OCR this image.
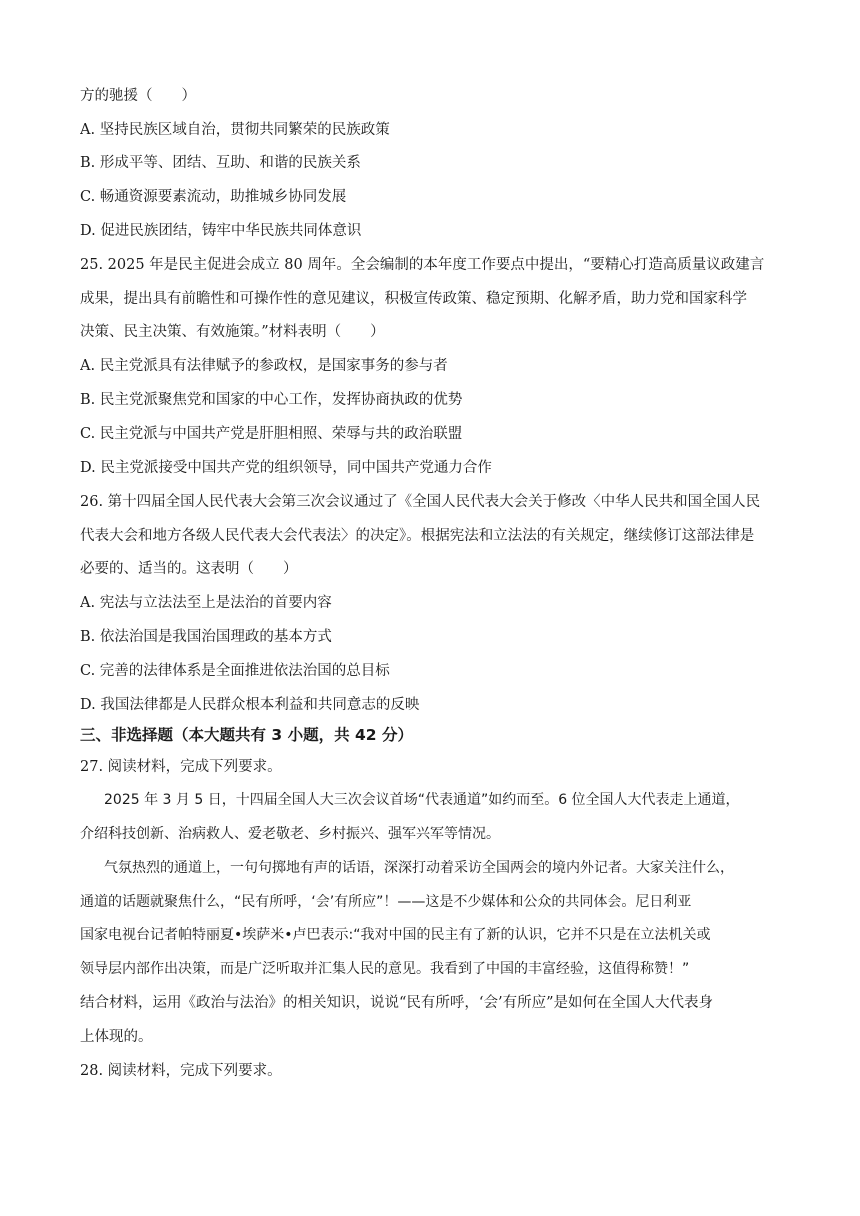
方的驰援（　　）
A. 坚持民族区域自治，贯彻共同繁荣的民族政策
B. 形成平等、团结、互助、和谐的民族关系
C. 畅通资源要素流动，助推城乡协同发展
D. 促进民族团结，铸牢中华民族共同体意识
25. 2025 年是民主促进会成立 80 周年。全会编制的本年度工作要点中提出，“要精心打造高质量议政建言
成果，提出具有前瞻性和可操作性的意见建议，积极宣传政策、稳定预期、化解矛盾，助力党和国家科学
决策、民主决策、有效施策。”材料表明（　　）
A. 民主党派具有法律赋予的参政权，是国家事务的参与者
B. 民主党派聚焦党和国家的中心工作，发挥协商执政的优势
C. 民主党派与中国共产党是肝胆相照、荣辱与共的政治联盟
D. 民主党派接受中国共产党的组织领导，同中国共产党通力合作
26. 第十四届全国人民代表大会第三次会议通过了《全国人民代表大会关于修改〈中华人民共和国全国人民
代表大会和地方各级人民代表大会代表法〉的决定》。根据宪法和立法法的有关规定，继续修订这部法律是
必要的、适当的。这表明（　　）
A. 宪法与立法法至上是法治的首要内容
B. 依法治国是我国治国理政的基本方式
C. 完善的法律体系是全面推进依法治国的总目标
D. 我国法律都是人民群众根本利益和共同意志的反映
三、非选择题（本大题共有 3 小题，共 42 分）
27. 阅读材料，完成下列要求。
2025 年 3 月 5 日，十四届全国人大三次会议首场“代表通道”如约而至。6 位全国人大代表走上通道，
介绍科技创新、治病救人、爱老敬老、乡村振兴、强军兴军等情况。
气氛热烈的通道上，一句句掷地有声的话语，深深打动着采访全国两会的境内外记者。大家关注什么，
通道的话题就聚焦什么，“民有所呼，‘会’有所应”！——这是不少媒体和公众的共同体会。尼日利亚
国家电视台记者帕特丽夏•埃萨米•卢巴表示:“我对中国的民主有了新的认识，它并不只是在立法机关或
领导层内部作出决策，而是广泛听取并汇集人民的意见。我看到了中国的丰富经验，这值得称赞！”
结合材料，运用《政治与法治》的相关知识，说说“民有所呼，‘会’有所应”是如何在全国人大代表身
上体现的。
28. 阅读材料，完成下列要求。
